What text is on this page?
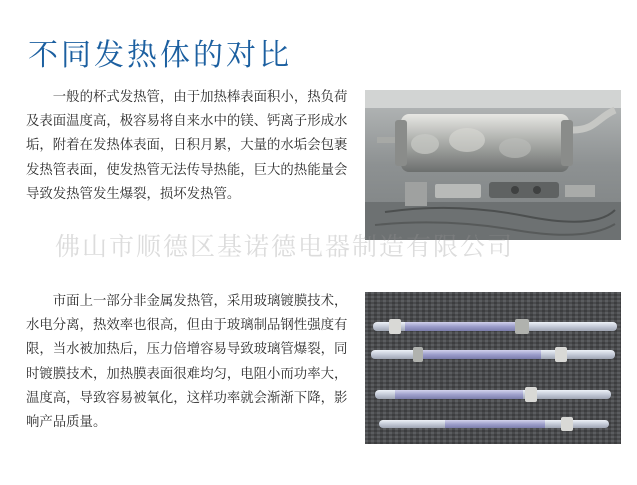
不同发热体的对比

一般的杯式发热管，由于加热棒表面积小，热负荷及表面温度高，极容易将自来水中的镁、钙离子形成水垢，附着在发热体表面，日积月累，大量的水垢会包裹发热管表面，使发热管无法传导热能，巨大的热能量会导致发热管发生爆裂，损坏发热管。

市面上一部分非金属发热管，采用玻璃镀膜技术，水电分离，热效率也很高，但由于玻璃制品钢性强度有限，当水被加热后，压力倍增容易导致玻璃管爆裂，同时镀膜技术，加热膜表面很难均匀，电阻小而功率大，温度高，导致容易被氧化，这样功率就会渐渐下降，影响产品质量。

佛山市顺德区基诺德电器制造有限公司
